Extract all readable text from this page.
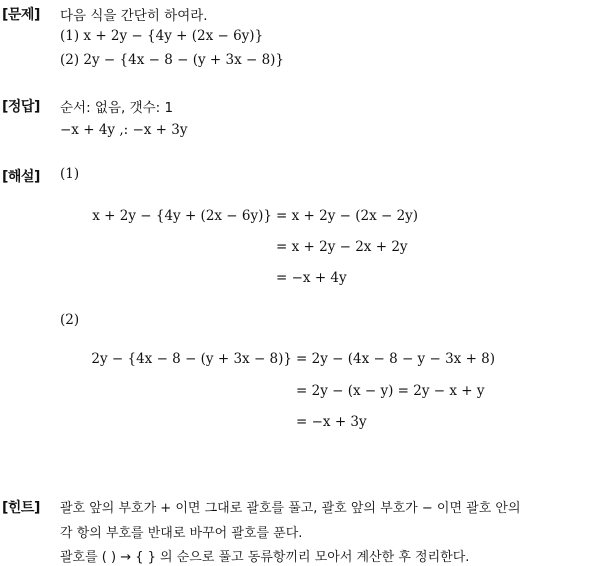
[문제] 다음 식을 간단히 하여라.
(1) x + 2y − {4y + (2x − 6y)}
(2) 2y − {4x − 8 − (y + 3x − 8)}
[정답] 순서: 없음, 갯수: 1
−x + 4y ,: −x + 3y
[해설] (1)
x + 2y − {4y + (2x − 6y)} = x + 2y − (2x − 2y)
= x + 2y − 2x + 2y
= −x + 4y
(2)
2y − {4x − 8 − (y + 3x − 8)} = 2y − (4x − 8 − y − 3x + 8)
= 2y − (x − y) = 2y − x + y
= −x + 3y
[힌트] 괄호 앞의 부호가 + 이면 그대로 괄호를 풀고, 괄호 앞의 부호가 − 이면 괄호 안의
각 항의 부호를 반대로 바꾸어 괄호를 푼다.
괄호를 ( ) → { } 의 순으로 풀고 동류항끼리 모아서 계산한 후 정리한다.
